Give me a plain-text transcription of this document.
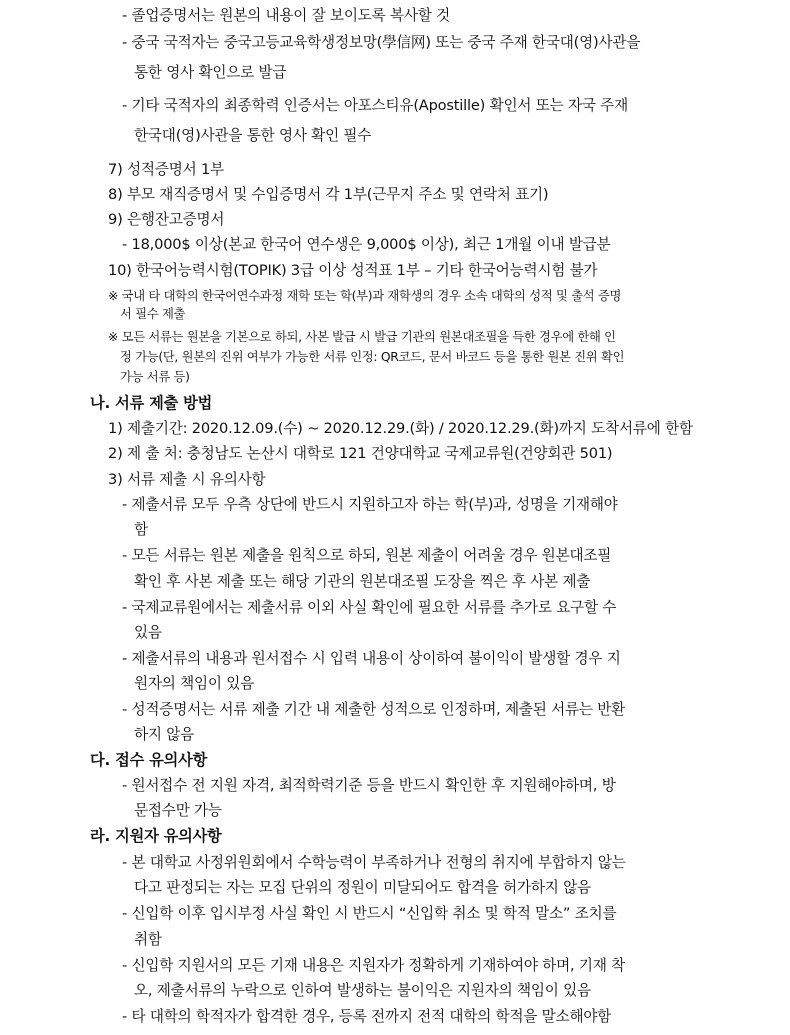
- 졸업증명서는 원본의 내용이 잘 보이도록 복사할 것
- 중국 국적자는 중국고등교육학생정보망(學信网) 또는 중국 주재 한국대(영)사관을
통한 영사 확인으로 발급
- 기타 국적자의 최종학력 인증서는 아포스티유(Apostille) 확인서 또는 자국 주재
한국대(영)사관을 통한 영사 확인 필수
7) 성적증명서 1부
8) 부모 재직증명서 및 수입증명서 각 1부(근무지 주소 및 연락처 표기)
9) 은행잔고증명서
- 18,000$ 이상(본교 한국어 연수생은 9,000$ 이상), 최근 1개월 이내 발급분
10) 한국어능력시험(TOPIK) 3급 이상 성적표 1부 – 기타 한국어능력시험 불가
※ 국내 타 대학의 한국어연수과정 재학 또는 학(부)과 재학생의 경우 소속 대학의 성적 및 출석 증명
서 필수 제출
※ 모든 서류는 원본을 기본으로 하되, 사본 발급 시 발급 기관의 원본대조필을 득한 경우에 한해 인
정 가능(단, 원본의 진위 여부가 가능한 서류 인정: QR코드, 문서 바코드 등을 통한 원본 진위 확인
가능 서류 등)
나. 서류 제출 방법
1) 제출기간: 2020.12.09.(수) ~ 2020.12.29.(화) / 2020.12.29.(화)까지 도착서류에 한함
2) 제 출 처: 충청남도 논산시 대학로 121 건양대학교 국제교류원(건양회관 501)
3) 서류 제출 시 유의사항
- 제출서류 모두 우측 상단에 반드시 지원하고자 하는 학(부)과, 성명을 기재해야
함
- 모든 서류는 원본 제출을 원칙으로 하되, 원본 제출이 어려울 경우 원본대조필
확인 후 사본 제출 또는 해당 기관의 원본대조필 도장을 찍은 후 사본 제출
- 국제교류원에서는 제출서류 이외 사실 확인에 필요한 서류를 추가로 요구할 수
있음
- 제출서류의 내용과 원서접수 시 입력 내용이 상이하여 불이익이 발생할 경우 지
원자의 책임이 있음
- 성적증명서는 서류 제출 기간 내 제출한 성적으로 인정하며, 제출된 서류는 반환
하지 않음
다. 접수 유의사항
- 원서접수 전 지원 자격, 최적학력기준 등을 반드시 확인한 후 지원해야하며, 방
문접수만 가능
라. 지원자 유의사항
- 본 대학교 사정위원회에서 수학능력이 부족하거나 전형의 취지에 부합하지 않는
다고 판정되는 자는 모집 단위의 정원이 미달되어도 합격을 허가하지 않음
- 신입학 이후 입시부정 사실 확인 시 반드시 “신입학 취소 및 학적 말소” 조치를
취함
- 신입학 지원서의 모든 기재 내용은 지원자가 정확하게 기재하여야 하며, 기재 착
오, 제출서류의 누락으로 인하여 발생하는 불이익은 지원자의 책임이 있음
- 타 대학의 학적자가 합격한 경우, 등록 전까지 전적 대학의 학적을 말소해야함
